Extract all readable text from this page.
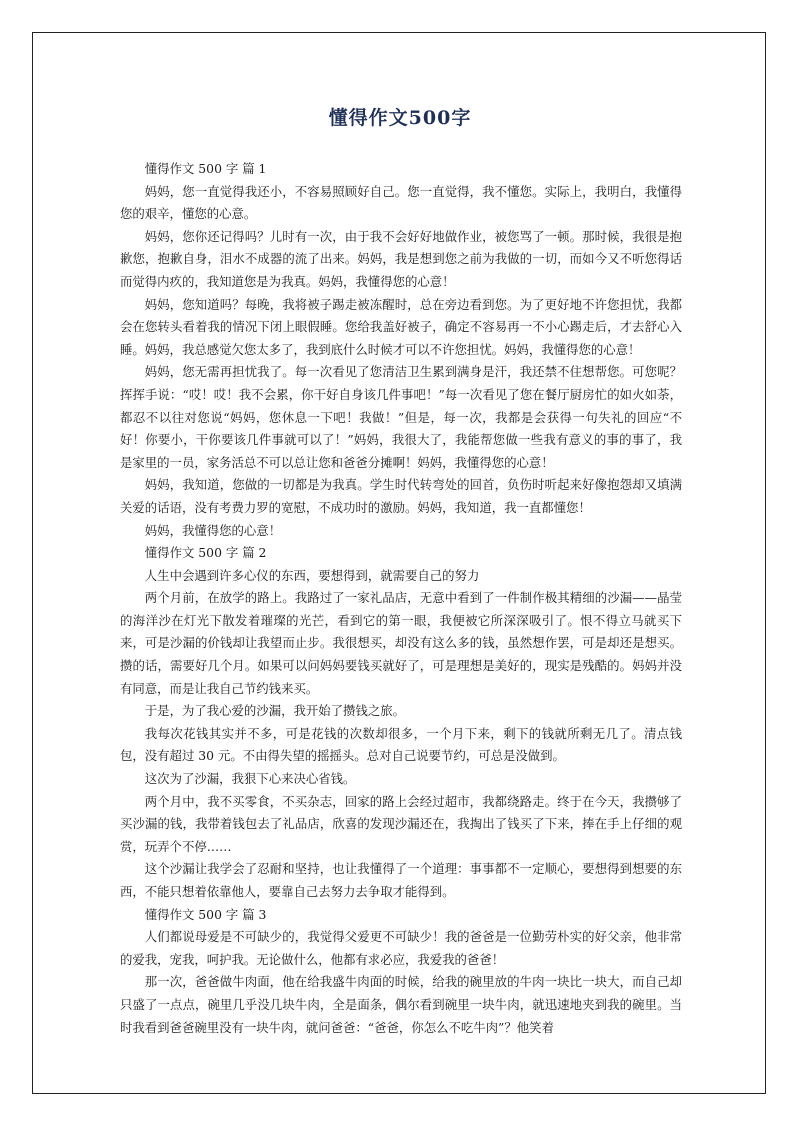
懂得作文500字

懂得作文 500 字 篇 1

妈妈，您一直觉得我还小，不容易照顾好自己。您一直觉得，我不懂您。实际上，我明白，我懂得您的艰辛，懂您的心意。

妈妈，您你还记得吗？儿时有一次，由于我不会好好地做作业，被您骂了一顿。那时候，我很是抱歉您，抱歉自身，泪水不成器的流了出来。妈妈，我是想到您之前为我做的一切，而如今又不听您得话而觉得内疚的，我知道您是为我真。妈妈，我懂得您的心意！

妈妈，您知道吗？每晚，我将被子踢走被冻醒时，总在旁边看到您。为了更好地不许您担忧，我都会在您转头看着我的情况下闭上眼假睡。您给我盖好被子，确定不容易再一不小心踢走后，才去舒心入睡。妈妈，我总感觉欠您太多了，我到底什么时候才可以不许您担忧。妈妈，我懂得您的心意！

妈妈，您无需再担忧我了。每一次看见了您清洁卫生累到满身是汗，我还禁不住想帮您。可您呢？挥挥手说：“哎！哎！我不会累，你干好自身该几件事吧！”每一次看见了您在餐厅厨房忙的如火如荼，都忍不以往对您说“妈妈，您休息一下吧！我做！”但是，每一次，我都是会获得一句失礼的回应“不好！你要小，干你要该几件事就可以了！”妈妈，我很大了，我能帮您做一些我有意义的事的事了，我是家里的一员，家务活总不可以总让您和爸爸分摊啊！妈妈，我懂得您的心意！

妈妈，我知道，您做的一切都是为我真。学生时代转弯处的回首，负伤时听起来好像抱怨却又填满关爱的话语，没有考费力罗的宽慰，不成功时的激励。妈妈，我知道，我一直都懂您！

妈妈，我懂得您的心意！

懂得作文 500 字 篇 2

人生中会遇到许多心仪的东西，要想得到，就需要自己的努力

两个月前，在放学的路上。我路过了一家礼品店，无意中看到了一件制作极其精细的沙漏——晶莹的海洋沙在灯光下散发着璀璨的光芒，看到它的第一眼，我便被它所深深吸引了。恨不得立马就买下来，可是沙漏的价钱却让我望而止步。我很想买，却没有这么多的钱，虽然想作罢，可是却还是想买。攒的话，需要好几个月。如果可以问妈妈要钱买就好了，可是理想是美好的，现实是残酷的。妈妈并没有同意，而是让我自己节约钱来买。

于是，为了我心爱的沙漏，我开始了攒钱之旅。

我每次花钱其实并不多，可是花钱的次数却很多，一个月下来，剩下的钱就所剩无几了。清点钱包，没有超过 30 元。不由得失望的摇摇头。总对自己说要节约，可总是没做到。

这次为了沙漏，我狠下心来决心省钱。

两个月中，我不买零食，不买杂志，回家的路上会经过超市，我都绕路走。终于在今天，我攒够了买沙漏的钱，我带着钱包去了礼品店，欣喜的发现沙漏还在，我掏出了钱买了下来，捧在手上仔细的观赏，玩弄个不停……

这个沙漏让我学会了忍耐和坚持，也让我懂得了一个道理：事事都不一定顺心，要想得到想要的东西，不能只想着依靠他人，要靠自己去努力去争取才能得到。

懂得作文 500 字 篇 3

人们都说母爱是不可缺少的，我觉得父爱更不可缺少！我的爸爸是一位勤劳朴实的好父亲，他非常的爱我，宠我，呵护我。无论做什么，他都有求必应，我爱我的爸爸！

那一次，爸爸做牛肉面，他在给我盛牛肉面的时候，给我的碗里放的牛肉一块比一块大，而自己却只盛了一点点，碗里几乎没几块牛肉，全是面条，偶尔看到碗里一块牛肉，就迅速地夹到我的碗里。当时我看到爸爸碗里没有一块牛肉，就问爸爸：“爸爸，你怎么不吃牛肉”？他笑着
